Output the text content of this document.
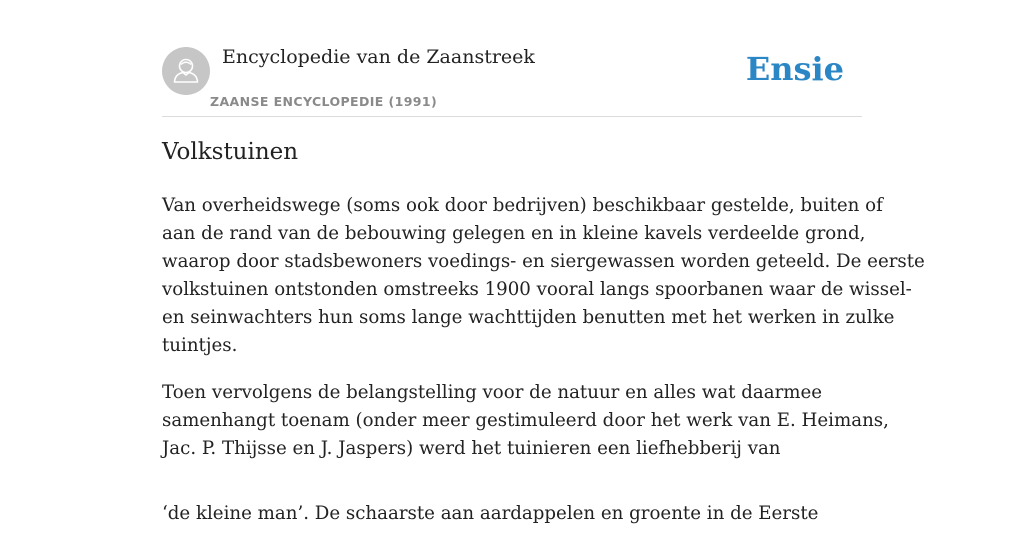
Encyclopedie van de Zaanstreek
ZAANSE ENCYCLOPEDIE (1991)
Ensie
Volkstuinen

Van overheidswege (soms ook door bedrijven) beschikbaar gestelde, buiten of
aan de rand van de bebouwing gelegen en in kleine kavels verdeelde grond,
waarop door stadsbewoners voedings- en siergewassen worden geteeld. De eerste
volkstuinen ontstonden omstreeks 1900 vooral langs spoorbanen waar de wissel-
en seinwachters hun soms lange wachttijden benutten met het werken in zulke
tuintjes.

Toen vervolgens de belangstelling voor de natuur en alles wat daarmee
samenhangt toenam (onder meer gestimuleerd door het werk van E. Heimans,
Jac. P. Thijsse en J. Jaspers) werd het tuinieren een liefhebberij van

‘de kleine man’. De schaarste aan aardappelen en groente in de Eerste
